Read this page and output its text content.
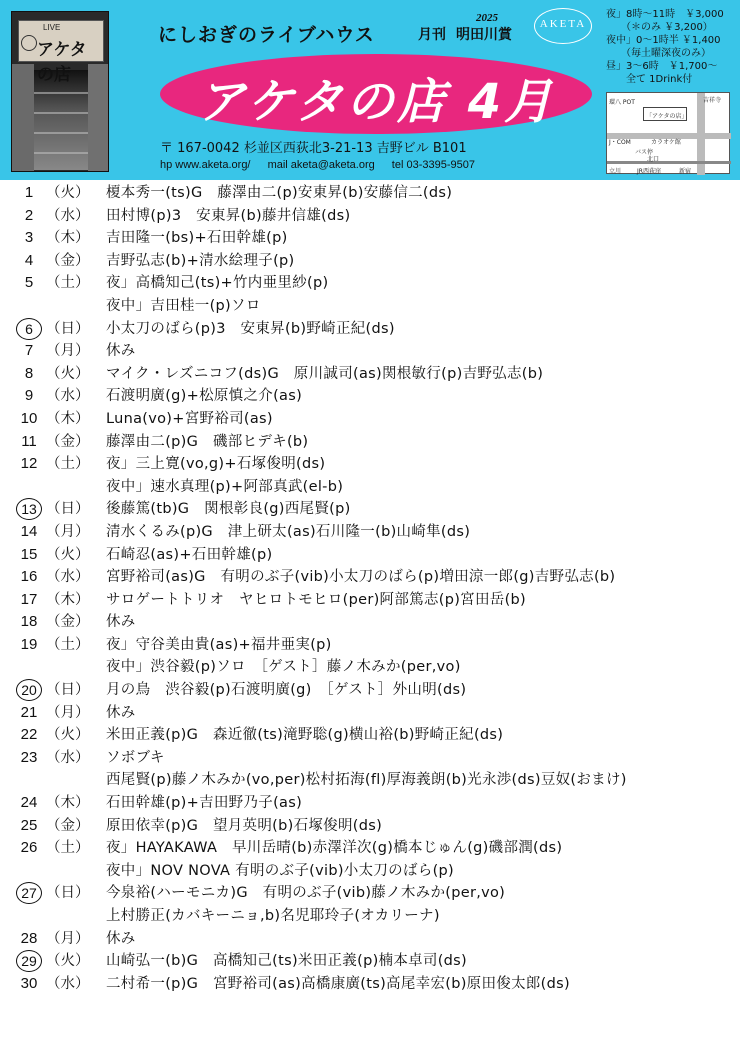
LIVE
アケタの店
にしおぎのライブハウス	月刊
2025
明田川賞
AKETA
アケタの店 4月
〒 167-0042 杉並区西荻北3-21-13 吉野ビル B101
hp www.aketa.org/ mail aketa@aketa.org tel 03-3395-9507
夜」8時〜11時　￥3,000
　　（＊のみ ￥3,200）
夜中」0〜1時半 ￥1,400
　　（毎土曜深夜のみ）
昼」3〜6時　￥1,700〜
　　全て 1Drink付
環八 POT
「アケタの店」
J・COM	カラオケ館
バス停
北口
立川	JR西荻窪	新宿
吉祥寺
1 （火） 榎本秀一(ts)G　藤澤由二(p)安東昇(b)安藤信二(ds)
2 （水） 田村博(p)3　安東昇(b)藤井信雄(ds)
3 （木） 吉田隆一(bs)+石田幹雄(p)
4 （金） 吉野弘志(b)+清水絵理子(p)
5 （土） 夜」高橋知己(ts)+竹内亜里紗(p)
夜中」吉田桂一(p)ソロ
6 （日） 小太刀のばら(p)3　安東昇(b)野崎正紀(ds)
7 （月） 休み
8 （火） マイク・レズニコフ(ds)G　原川誠司(as)関根敏行(p)吉野弘志(b)
9 （水） 石渡明廣(g)+松原慎之介(as)
10 （木） Luna(vo)+宮野裕司(as)
11 （金） 藤澤由二(p)G　磯部ヒデキ(b)
12 （土） 夜」三上寛(vo,g)+石塚俊明(ds)
夜中」速水真理(p)+阿部真武(el-b)
13 （日） 後藤篤(tb)G　関根彰良(g)西尾賢(p)
14 （月） 清水くるみ(p)G　津上研太(as)石川隆一(b)山崎隼(ds)
15 （火） 石崎忍(as)+石田幹雄(p)
16 （水） 宮野裕司(as)G　有明のぶ子(vib)小太刀のばら(p)増田涼一郎(g)吉野弘志(b)
17 （木） サロゲートトリオ　ヤヒロトモヒロ(per)阿部篤志(p)宮田岳(b)
18 （金） 休み
19 （土） 夜」守谷美由貴(as)+福井亜実(p)
夜中」渋谷毅(p)ソロ　［ゲスト］藤ノ木みか(per,vo)
20 （日） 月の鳥　渋谷毅(p)石渡明廣(g)　［ゲスト］外山明(ds)
21 （月） 休み
22 （火） 米田正義(p)G　森近徹(ts)滝野聡(g)横山裕(b)野崎正紀(ds)
23 （水） ソボブキ
西尾賢(p)藤ノ木みか(vo,per)松村拓海(fl)厚海義朗(b)光永渉(ds)豆奴(おまけ)
24 （木） 石田幹雄(p)+吉田野乃子(as)
25 （金） 原田依幸(p)G　望月英明(b)石塚俊明(ds)
26 （土） 夜」HAYAKAWA　早川岳晴(b)赤澤洋次(g)橋本じゅん(g)磯部潤(ds)
夜中」NOV NOVA 有明のぶ子(vib)小太刀のばら(p)
27 （日） 今泉裕(ハーモニカ)G　有明のぶ子(vib)藤ノ木みか(per,vo)
上村勝正(カバキーニョ,b)名児耶玲子(オカリーナ)
28 （月） 休み
29 （火） 山崎弘一(b)G　高橋知己(ts)米田正義(p)楠本卓司(ds)
30 （水） 二村希一(p)G　宮野裕司(as)高橋康廣(ts)高尾幸宏(b)原田俊太郎(ds)
